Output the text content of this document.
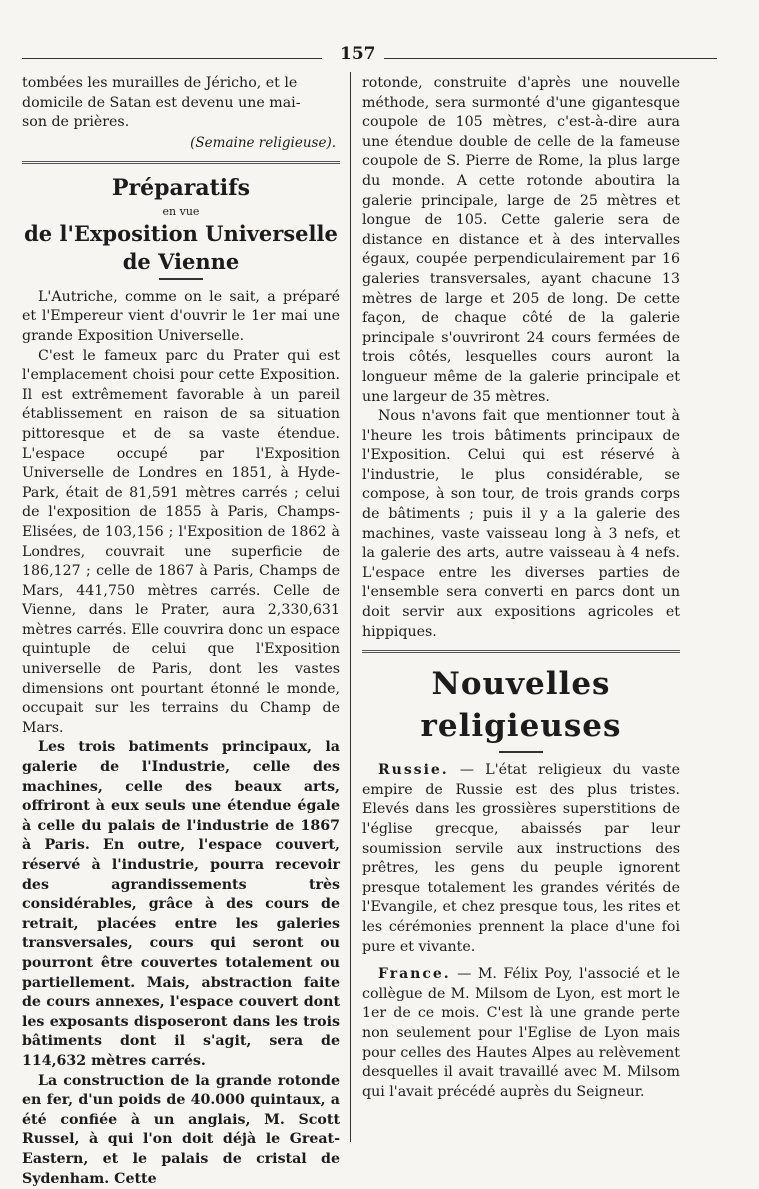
157

tombées les murailles de Jéricho, et le

domicile de Satan est devenu une mai-

son de prières.

(Semaine religieuse).
Préparatifs
en vue
de l'Exposition Universelle de Vienne

L'Autriche, comme on le sait, a préparé et l'Empereur vient d'ouvrir le 1er mai une grande Exposition Universelle.

C'est le fameux parc du Prater qui est l'emplacement choisi pour cette Exposition. Il est extrêmement favorable à un pareil établissement en raison de sa situation pittoresque et de sa vaste étendue. L'espace occupé par l'Exposition Universelle de Londres en 1851, à Hyde-Park, était de 81,591 mètres carrés ; celui de l'exposition de 1855 à Paris, Champs-Elisées, de 103,156 ; l'Exposition de 1862 à Londres, couvrait une superficie de 186,127 ; celle de 1867 à Paris, Champs de Mars, 441,750 mètres carrés. Celle de Vienne, dans le Prater, aura 2,330,631 mètres carrés. Elle couvrira donc un espace quintuple de celui que l'Exposition universelle de Paris, dont les vastes dimensions ont pourtant étonné le monde, occupait sur les terrains du Champ de Mars.

Les trois batiments principaux, la galerie de l'Industrie, celle des machines, celle des beaux arts, offriront à eux seuls une étendue égale à celle du palais de l'industrie de 1867 à Paris. En outre, l'espace couvert, réservé à l'industrie, pourra recevoir des agrandissements très considérables, grâce à des cours de retrait, placées entre les galeries transversales, cours qui seront ou pourront être couvertes totalement ou partiellement. Mais, abstraction faite de cours annexes, l'espace couvert dont les exposants disposeront dans les trois bâtiments dont il s'agit, sera de 114,632 mètres carrés.

La construction de la grande rotonde en fer, d'un poids de 40.000 quintaux, a été confiée à un anglais, M. Scott Russel, à qui l'on doit déjà le Great-Eastern, et le palais de cristal de Sydenham. Cette

rotonde, construite d'après une nouvelle méthode, sera surmonté d'une gigantesque coupole de 105 mètres, c'est-à-dire aura une étendue double de celle de la fameuse coupole de S. Pierre de Rome, la plus large du monde. A cette rotonde aboutira la galerie principale, large de 25 mètres et longue de 105. Cette galerie sera de distance en distance et à des intervalles égaux, coupée perpendiculairement par 16 galeries transversales, ayant chacune 13 mètres de large et 205 de long. De cette façon, de chaque côté de la galerie principale s'ouvriront 24 cours fermées de trois côtés, lesquelles cours auront la longueur même de la galerie principale et une largeur de 35 mètres.

Nous n'avons fait que mentionner tout à l'heure les trois bâtiments principaux de l'Exposition. Celui qui est réservé à l'industrie, le plus considérable, se compose, à son tour, de trois grands corps de bâtiments ; puis il y a la galerie des machines, vaste vaisseau long à 3 nefs, et la galerie des arts, autre vaisseau à 4 nefs. L'espace entre les diverses parties de l'ensemble sera converti en parcs dont un doit servir aux expositions agricoles et hippiques.

Nouvelles religieuses

Russie. — L'état religieux du vaste empire de Russie est des plus tristes. Elevés dans les grossières superstitions de l'église grecque, abaissés par leur soumission servile aux instructions des prêtres, les gens du peuple ignorent presque totalement les grandes vérités de l'Evangile, et chez presque tous, les rites et les cérémonies prennent la place d'une foi pure et vivante.

France. — M. Félix Poy, l'associé et le collègue de M. Milsom de Lyon, est mort le 1er de ce mois. C'est là une grande perte non seulement pour l'Eglise de Lyon mais pour celles des Hautes Alpes au relèvement desquelles il avait travaillé avec M. Milsom qui l'avait précédé auprès du Seigneur.
